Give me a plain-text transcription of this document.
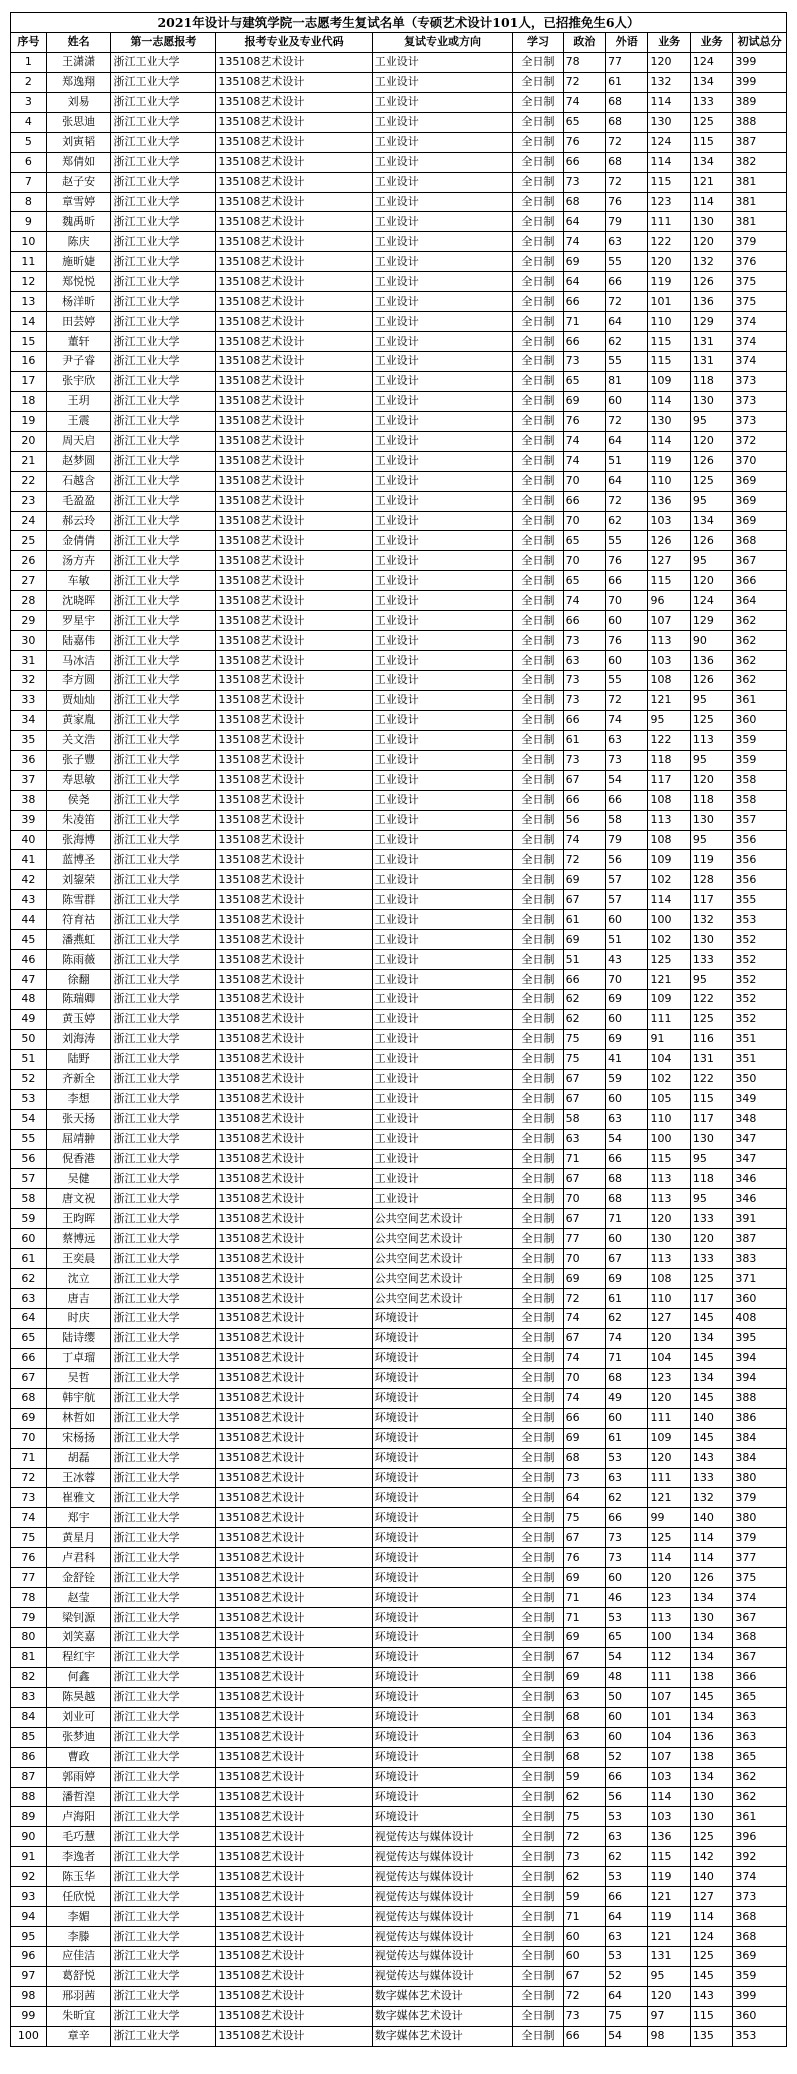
2021年设计与建筑学院一志愿考生复试名单（专硕艺术设计101人，已招推免生6人）
序号	姓名	第一志愿报考	报考专业及专业代码	复试专业或方向	学习	政治	外语	业务	业务	初试总分
1	王潇潇	浙江工业大学	135108艺术设计	工业设计	全日制	78	77	120	124	399
2	郑逸翔	浙江工业大学	135108艺术设计	工业设计	全日制	72	61	132	134	399
3	刘易	浙江工业大学	135108艺术设计	工业设计	全日制	74	68	114	133	389
4	张思迪	浙江工业大学	135108艺术设计	工业设计	全日制	65	68	130	125	388
5	刘寅韬	浙江工业大学	135108艺术设计	工业设计	全日制	76	72	124	115	387
6	郑倩如	浙江工业大学	135108艺术设计	工业设计	全日制	66	68	114	134	382
7	赵子安	浙江工业大学	135108艺术设计	工业设计	全日制	73	72	115	121	381
8	章雪婷	浙江工业大学	135108艺术设计	工业设计	全日制	68	76	123	114	381
9	魏禹昕	浙江工业大学	135108艺术设计	工业设计	全日制	64	79	111	130	381
10	陈庆	浙江工业大学	135108艺术设计	工业设计	全日制	74	63	122	120	379
11	施昕婕	浙江工业大学	135108艺术设计	工业设计	全日制	69	55	120	132	376
12	郑悦悦	浙江工业大学	135108艺术设计	工业设计	全日制	64	66	119	126	375
13	杨洋昕	浙江工业大学	135108艺术设计	工业设计	全日制	66	72	101	136	375
14	田芸婷	浙江工业大学	135108艺术设计	工业设计	全日制	71	64	110	129	374
15	董轩	浙江工业大学	135108艺术设计	工业设计	全日制	66	62	115	131	374
16	尹子睿	浙江工业大学	135108艺术设计	工业设计	全日制	73	55	115	131	374
17	张宇欣	浙江工业大学	135108艺术设计	工业设计	全日制	65	81	109	118	373
18	王玥	浙江工业大学	135108艺术设计	工业设计	全日制	69	60	114	130	373
19	王震	浙江工业大学	135108艺术设计	工业设计	全日制	76	72	130	95	373
20	周天启	浙江工业大学	135108艺术设计	工业设计	全日制	74	64	114	120	372
21	赵梦圆	浙江工业大学	135108艺术设计	工业设计	全日制	74	51	119	126	370
22	石越含	浙江工业大学	135108艺术设计	工业设计	全日制	70	64	110	125	369
23	毛盈盈	浙江工业大学	135108艺术设计	工业设计	全日制	66	72	136	95	369
24	郝云玲	浙江工业大学	135108艺术设计	工业设计	全日制	70	62	103	134	369
25	金倩倩	浙江工业大学	135108艺术设计	工业设计	全日制	65	55	126	126	368
26	汤方卉	浙江工业大学	135108艺术设计	工业设计	全日制	70	76	127	95	367
27	车敏	浙江工业大学	135108艺术设计	工业设计	全日制	65	66	115	120	366
28	沈晓晖	浙江工业大学	135108艺术设计	工业设计	全日制	74	70	96	124	364
29	罗星宇	浙江工业大学	135108艺术设计	工业设计	全日制	66	60	107	129	362
30	陆嘉伟	浙江工业大学	135108艺术设计	工业设计	全日制	73	76	113	90	362
31	马冰洁	浙江工业大学	135108艺术设计	工业设计	全日制	63	60	103	136	362
32	李方圆	浙江工业大学	135108艺术设计	工业设计	全日制	73	55	108	126	362
33	贾灿灿	浙江工业大学	135108艺术设计	工业设计	全日制	73	72	121	95	361
34	黄家胤	浙江工业大学	135108艺术设计	工业设计	全日制	66	74	95	125	360
35	关文浩	浙江工业大学	135108艺术设计	工业设计	全日制	61	63	122	113	359
36	张子豐	浙江工业大学	135108艺术设计	工业设计	全日制	73	73	118	95	359
37	寿思敏	浙江工业大学	135108艺术设计	工业设计	全日制	67	54	117	120	358
38	侯尧	浙江工业大学	135108艺术设计	工业设计	全日制	66	66	108	118	358
39	朱凌笛	浙江工业大学	135108艺术设计	工业设计	全日制	56	58	113	130	357
40	张海博	浙江工业大学	135108艺术设计	工业设计	全日制	74	79	108	95	356
41	蓝博圣	浙江工业大学	135108艺术设计	工业设计	全日制	72	56	109	119	356
42	刘鋆荣	浙江工业大学	135108艺术设计	工业设计	全日制	69	57	102	128	356
43	陈雪群	浙江工业大学	135108艺术设计	工业设计	全日制	67	57	114	117	355
44	符育祜	浙江工业大学	135108艺术设计	工业设计	全日制	61	60	100	132	353
45	潘燕虹	浙江工业大学	135108艺术设计	工业设计	全日制	69	51	102	130	352
46	陈雨薇	浙江工业大学	135108艺术设计	工业设计	全日制	51	43	125	133	352
47	徐翻	浙江工业大学	135108艺术设计	工业设计	全日制	66	70	121	95	352
48	陈瑞卿	浙江工业大学	135108艺术设计	工业设计	全日制	62	69	109	122	352
49	黄玉婷	浙江工业大学	135108艺术设计	工业设计	全日制	62	60	111	125	352
50	刘海涛	浙江工业大学	135108艺术设计	工业设计	全日制	75	69	91	116	351
51	陆野	浙江工业大学	135108艺术设计	工业设计	全日制	75	41	104	131	351
52	齐新全	浙江工业大学	135108艺术设计	工业设计	全日制	67	59	102	122	350
53	李想	浙江工业大学	135108艺术设计	工业设计	全日制	67	60	105	115	349
54	张天扬	浙江工业大学	135108艺术设计	工业设计	全日制	58	63	110	117	348
55	屈靖翀	浙江工业大学	135108艺术设计	工业设计	全日制	63	54	100	130	347
56	倪香港	浙江工业大学	135108艺术设计	工业设计	全日制	71	66	115	95	347
57	吴健	浙江工业大学	135108艺术设计	工业设计	全日制	67	68	113	118	346
58	唐文祝	浙江工业大学	135108艺术设计	工业设计	全日制	70	68	113	95	346
59	王昀晖	浙江工业大学	135108艺术设计	公共空间艺术设计	全日制	67	71	120	133	391
60	蔡博远	浙江工业大学	135108艺术设计	公共空间艺术设计	全日制	77	60	130	120	387
61	王奕晨	浙江工业大学	135108艺术设计	公共空间艺术设计	全日制	70	67	113	133	383
62	沈立	浙江工业大学	135108艺术设计	公共空间艺术设计	全日制	69	69	108	125	371
63	唐吉	浙江工业大学	135108艺术设计	公共空间艺术设计	全日制	72	61	110	117	360
64	时庆	浙江工业大学	135108艺术设计	环境设计	全日制	74	62	127	145	408
65	陆诗缨	浙江工业大学	135108艺术设计	环境设计	全日制	67	74	120	134	395
66	丁卓瑠	浙江工业大学	135108艺术设计	环境设计	全日制	74	71	104	145	394
67	吴哲	浙江工业大学	135108艺术设计	环境设计	全日制	70	68	123	134	394
68	韩宇航	浙江工业大学	135108艺术设计	环境设计	全日制	74	49	120	145	388
69	林哲如	浙江工业大学	135108艺术设计	环境设计	全日制	66	60	111	140	386
70	宋杨扬	浙江工业大学	135108艺术设计	环境设计	全日制	69	61	109	145	384
71	胡磊	浙江工业大学	135108艺术设计	环境设计	全日制	68	53	120	143	384
72	王冰蓉	浙江工业大学	135108艺术设计	环境设计	全日制	73	63	111	133	380
73	崔雅文	浙江工业大学	135108艺术设计	环境设计	全日制	64	62	121	132	379
74	郑宇	浙江工业大学	135108艺术设计	环境设计	全日制	75	66	99	140	380
75	黄星月	浙江工业大学	135108艺术设计	环境设计	全日制	67	73	125	114	379
76	卢君科	浙江工业大学	135108艺术设计	环境设计	全日制	76	73	114	114	377
77	金舒铨	浙江工业大学	135108艺术设计	环境设计	全日制	69	60	120	126	375
78	赵莹	浙江工业大学	135108艺术设计	环境设计	全日制	71	46	123	134	374
79	梁钊源	浙江工业大学	135108艺术设计	环境设计	全日制	71	53	113	130	367
80	刘笑嘉	浙江工业大学	135108艺术设计	环境设计	全日制	69	65	100	134	368
81	程红宇	浙江工业大学	135108艺术设计	环境设计	全日制	67	54	112	134	367
82	何鑫	浙江工业大学	135108艺术设计	环境设计	全日制	69	48	111	138	366
83	陈昊越	浙江工业大学	135108艺术设计	环境设计	全日制	63	50	107	145	365
84	刘业可	浙江工业大学	135108艺术设计	环境设计	全日制	68	60	101	134	363
85	张梦迪	浙江工业大学	135108艺术设计	环境设计	全日制	63	60	104	136	363
86	曹政	浙江工业大学	135108艺术设计	环境设计	全日制	68	52	107	138	365
87	郭雨婷	浙江工业大学	135108艺术设计	环境设计	全日制	59	66	103	134	362
88	潘哲湟	浙江工业大学	135108艺术设计	环境设计	全日制	62	56	114	130	362
89	卢海阳	浙江工业大学	135108艺术设计	环境设计	全日制	75	53	103	130	361
90	毛巧慧	浙江工业大学	135108艺术设计	视觉传达与媒体设计	全日制	72	63	136	125	396
91	李逸者	浙江工业大学	135108艺术设计	视觉传达与媒体设计	全日制	73	62	115	142	392
92	陈玉华	浙江工业大学	135108艺术设计	视觉传达与媒体设计	全日制	62	53	119	140	374
93	任欣悦	浙江工业大学	135108艺术设计	视觉传达与媒体设计	全日制	59	66	121	127	373
94	李媚	浙江工业大学	135108艺术设计	视觉传达与媒体设计	全日制	71	64	119	114	368
95	李滕	浙江工业大学	135108艺术设计	视觉传达与媒体设计	全日制	60	63	121	124	368
96	应佳洁	浙江工业大学	135108艺术设计	视觉传达与媒体设计	全日制	60	53	131	125	369
97	葛舒悦	浙江工业大学	135108艺术设计	视觉传达与媒体设计	全日制	67	52	95	145	359
98	邢羽茜	浙江工业大学	135108艺术设计	数字媒体艺术设计	全日制	72	64	120	143	399
99	朱昕宜	浙江工业大学	135108艺术设计	数字媒体艺术设计	全日制	73	75	97	115	360
100	章辛	浙江工业大学	135108艺术设计	数字媒体艺术设计	全日制	66	54	98	135	353
